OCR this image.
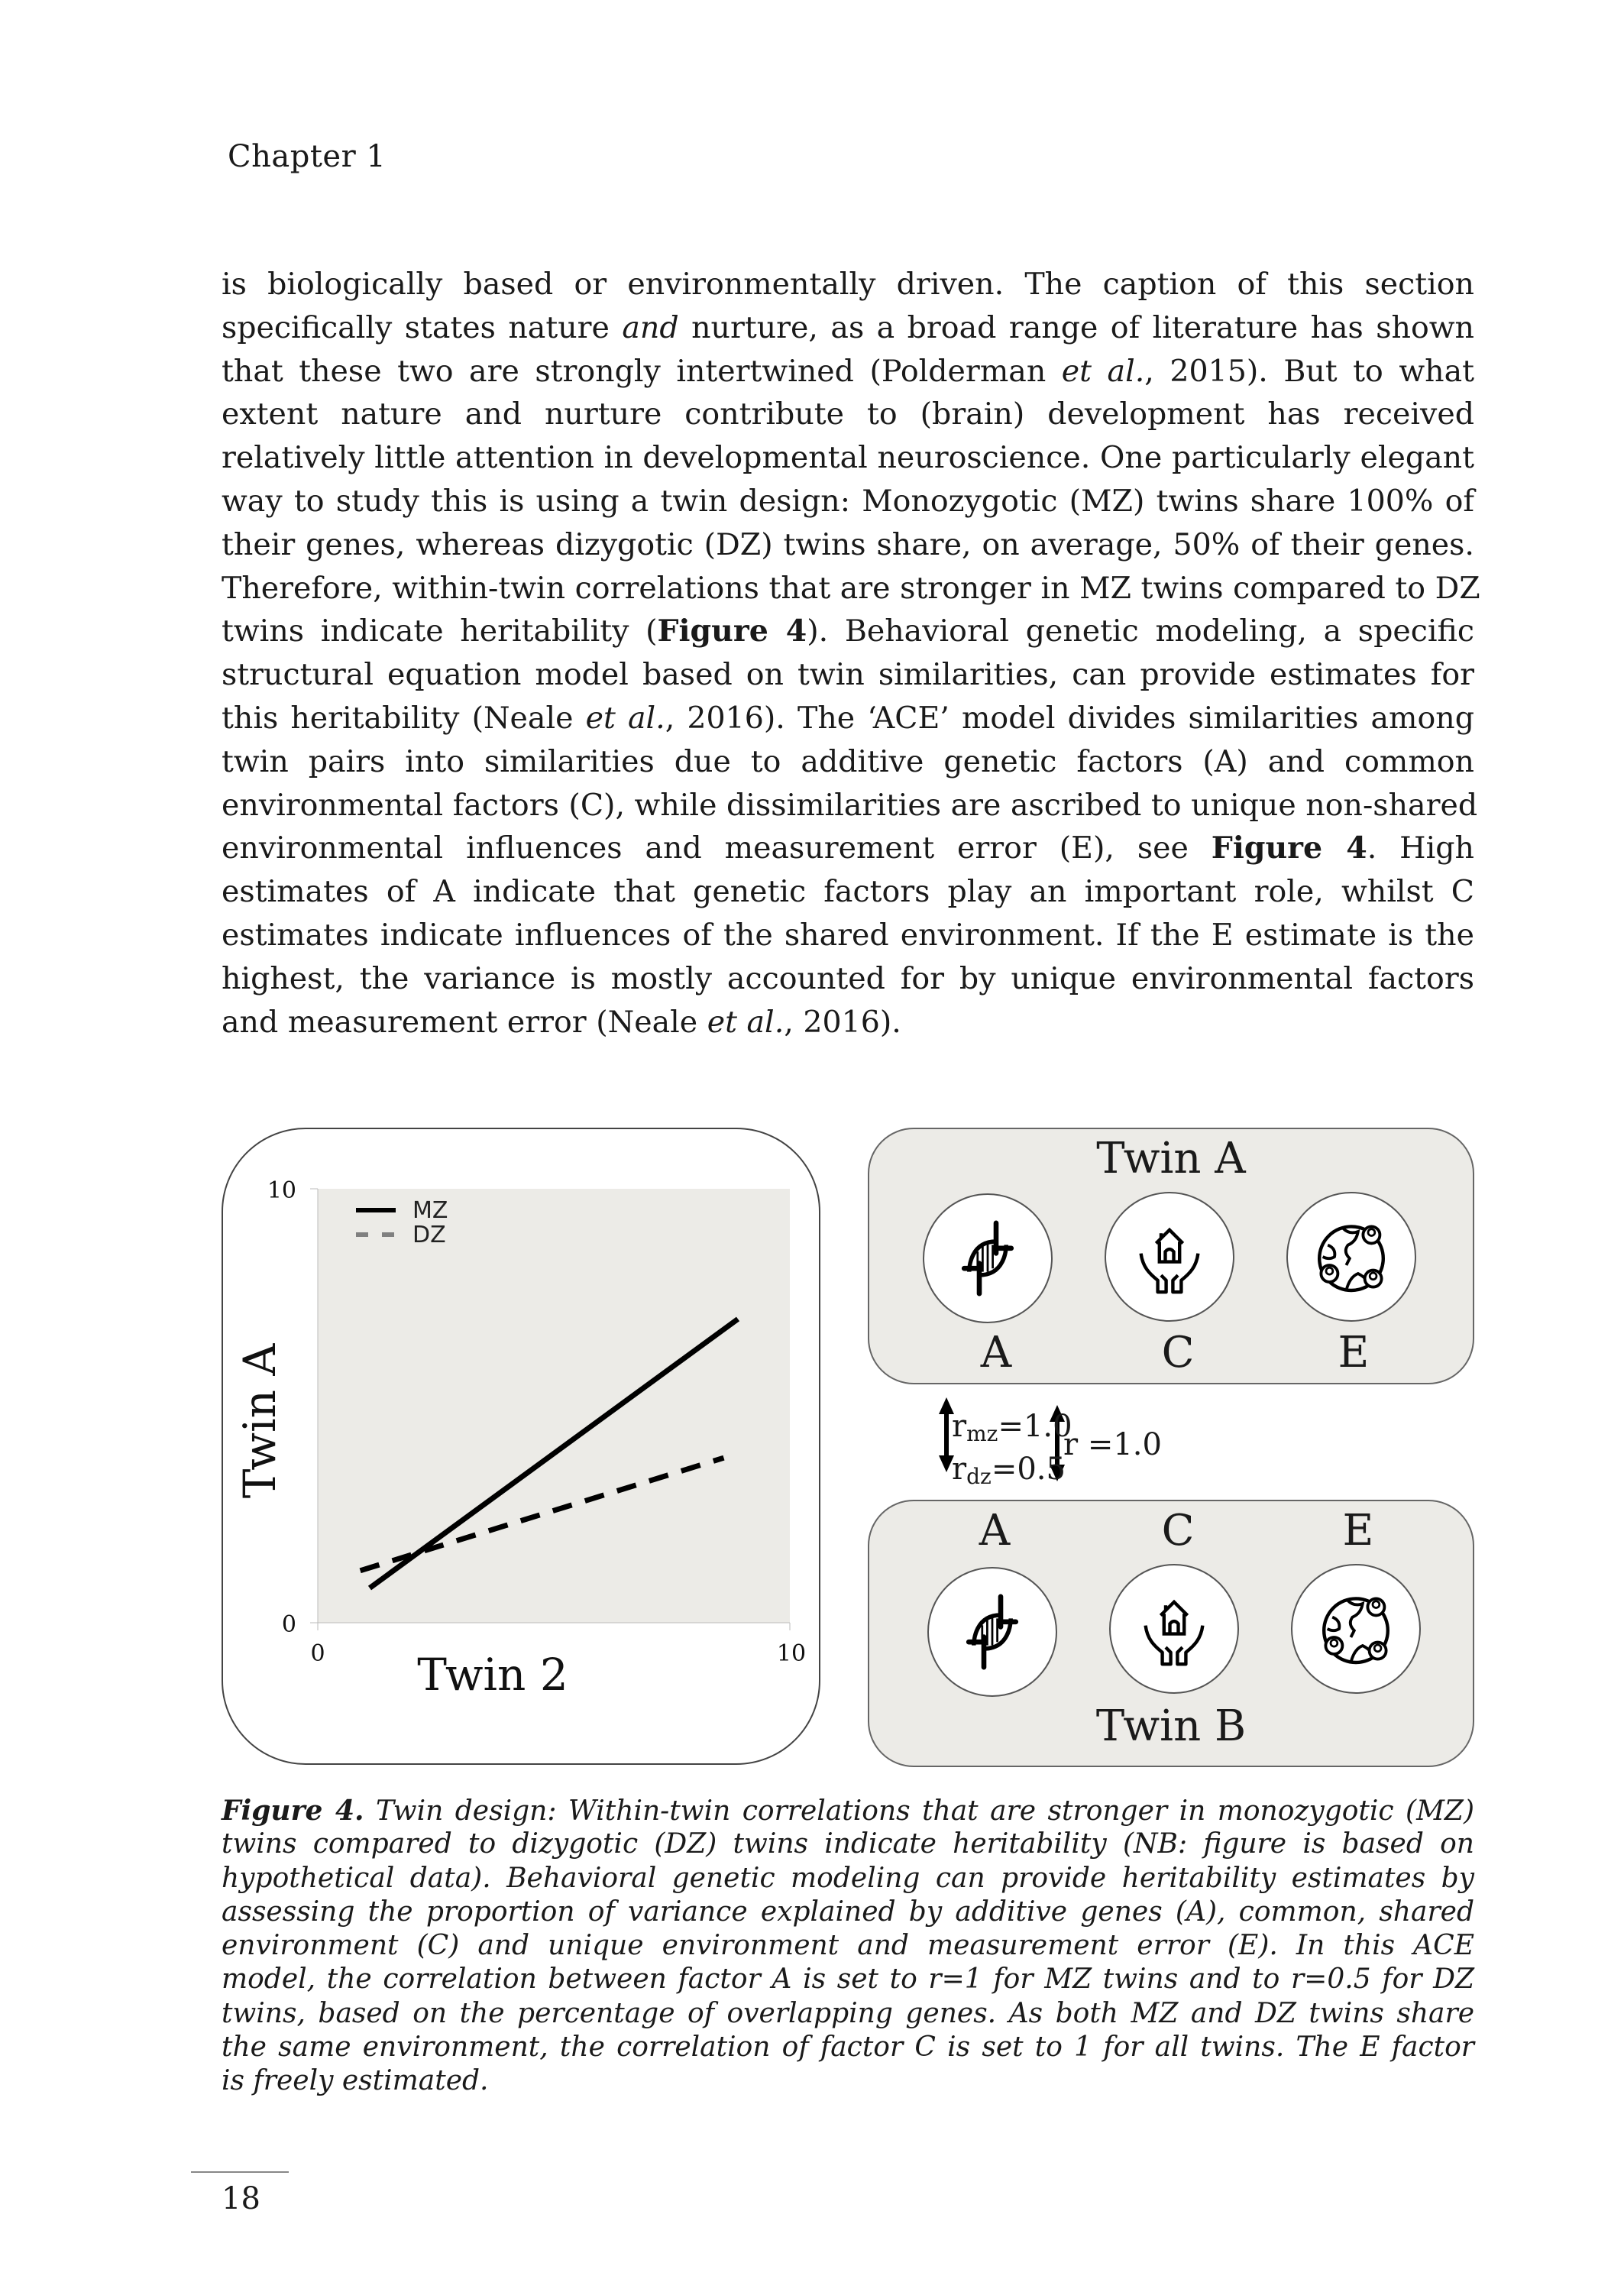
Chapter 1
is biologically based or environmentally driven. The caption of this section
specifically states nature and nurture, as a broad range of literature has shown
that these two are strongly intertwined (Polderman et al., 2015). But to what
extent nature and nurture contribute to (brain) development has received
relatively little attention in developmental neuroscience. One particularly elegant
way to study this is using a twin design: Monozygotic (MZ) twins share 100% of
their genes, whereas dizygotic (DZ) twins share, on average, 50% of their genes.
Therefore, within-twin correlations that are stronger in MZ twins compared to DZ
twins indicate heritability (Figure 4). Behavioral genetic modeling, a specific
structural equation model based on twin similarities, can provide estimates for
this heritability (Neale et al., 2016). The ‘ACE’ model divides similarities among
twin pairs into similarities due to additive genetic factors (A) and common
environmental factors (C), while dissimilarities are ascribed to unique non-shared
environmental influences and measurement error (E), see Figure 4. High
estimates of A indicate that genetic factors play an important role, whilst C
estimates indicate influences of the shared environment. If the E estimate is the
highest, the variance is mostly accounted for by unique environmental factors
and measurement error (Neale et al., 2016).
MZ
DZ
10
0
0	10
Twin 2
Twin A
Twin A
A	C	E
$r_{mz}=1.0$
$r_{dz}=0.5$
r =1.0
A	C	E
Twin B
Figure 4. Twin design: Within-twin correlations that are stronger in monozygotic (MZ)
twins compared to dizygotic (DZ) twins indicate heritability (NB: figure is based on
hypothetical data). Behavioral genetic modeling can provide heritability estimates by
assessing the proportion of variance explained by additive genes (A), common, shared
environment (C) and unique environment and measurement error (E). In this ACE
model, the correlation between factor A is set to r=1 for MZ twins and to r=0.5 for DZ
twins, based on the percentage of overlapping genes. As both MZ and DZ twins share
the same environment, the correlation of factor C is set to 1 for all twins. The E factor
is freely estimated.
18
